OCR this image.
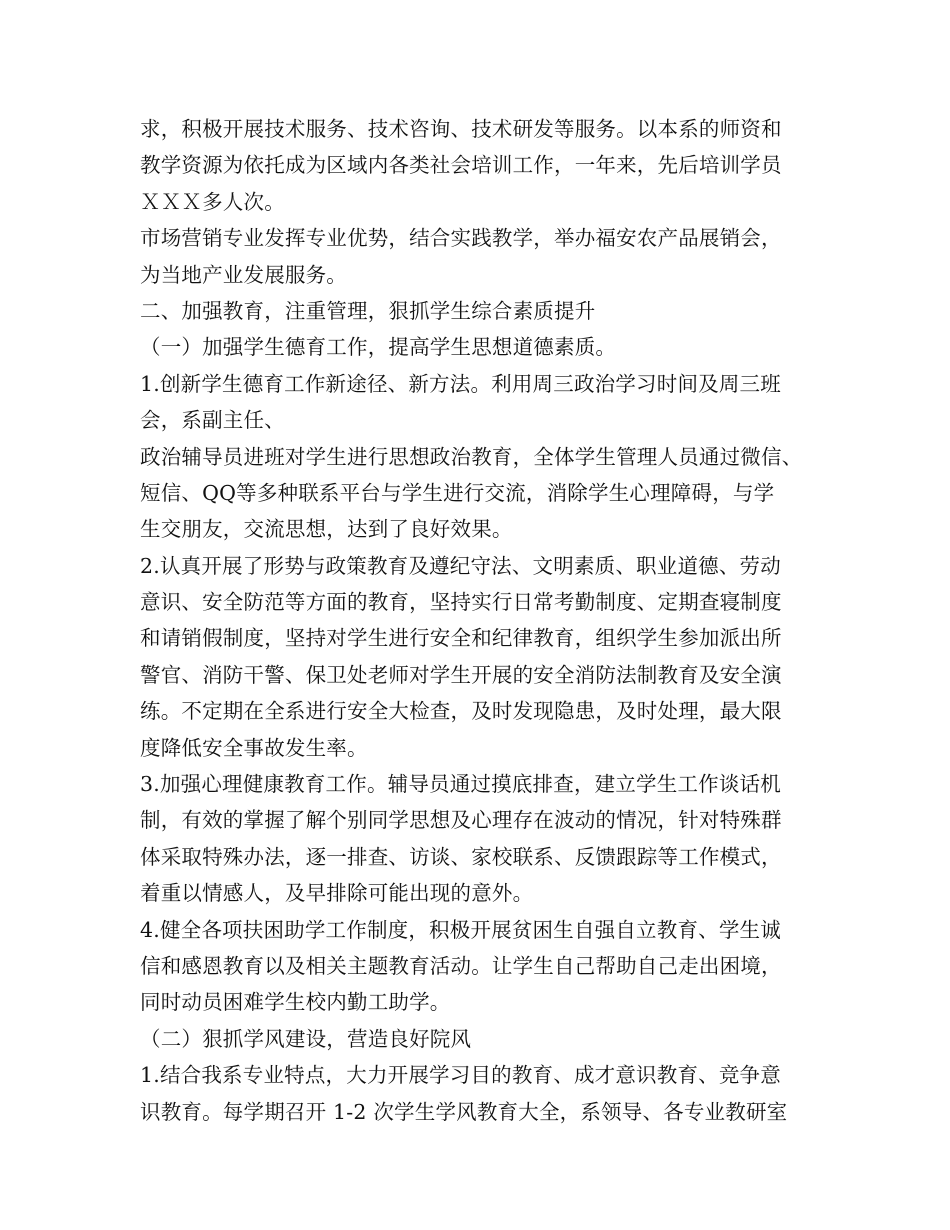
求，积极开展技术服务、技术咨询、技术研发等服务。以本系的师资和
教学资源为依托成为区域内各类社会培训工作，一年来，先后培训学员
ＸＸＸ多人次。
市场营销专业发挥专业优势，结合实践教学，举办福安农产品展销会，
为当地产业发展服务。
二、加强教育，注重管理，狠抓学生综合素质提升
（一）加强学生德育工作，提高学生思想道德素质。
1.创新学生德育工作新途径、新方法。利用周三政治学习时间及周三班
会，系副主任、
政治辅导员进班对学生进行思想政治教育，全体学生管理人员通过微信、
短信、QQ等多种联系平台与学生进行交流，消除学生心理障碍，与学
生交朋友，交流思想，达到了良好效果。
2.认真开展了形势与政策教育及遵纪守法、文明素质、职业道德、劳动
意识、安全防范等方面的教育，坚持实行日常考勤制度、定期查寝制度
和请销假制度，坚持对学生进行安全和纪律教育，组织学生参加派出所
警官、消防干警、保卫处老师对学生开展的安全消防法制教育及安全演
练。不定期在全系进行安全大检查，及时发现隐患，及时处理，最大限
度降低安全事故发生率。
3.加强心理健康教育工作。辅导员通过摸底排查，建立学生工作谈话机
制，有效的掌握了解个别同学思想及心理存在波动的情况，针对特殊群
体采取特殊办法，逐一排查、访谈、家校联系、反馈跟踪等工作模式，
着重以情感人，及早排除可能出现的意外。
4.健全各项扶困助学工作制度，积极开展贫困生自强自立教育、学生诚
信和感恩教育以及相关主题教育活动。让学生自己帮助自己走出困境，
同时动员困难学生校内勤工助学。
（二）狠抓学风建设，营造良好院风
1.结合我系专业特点，大力开展学习目的教育、成才意识教育、竞争意
识教育。每学期召开 1-2 次学生学风教育大全，系领导、各专业教研室
